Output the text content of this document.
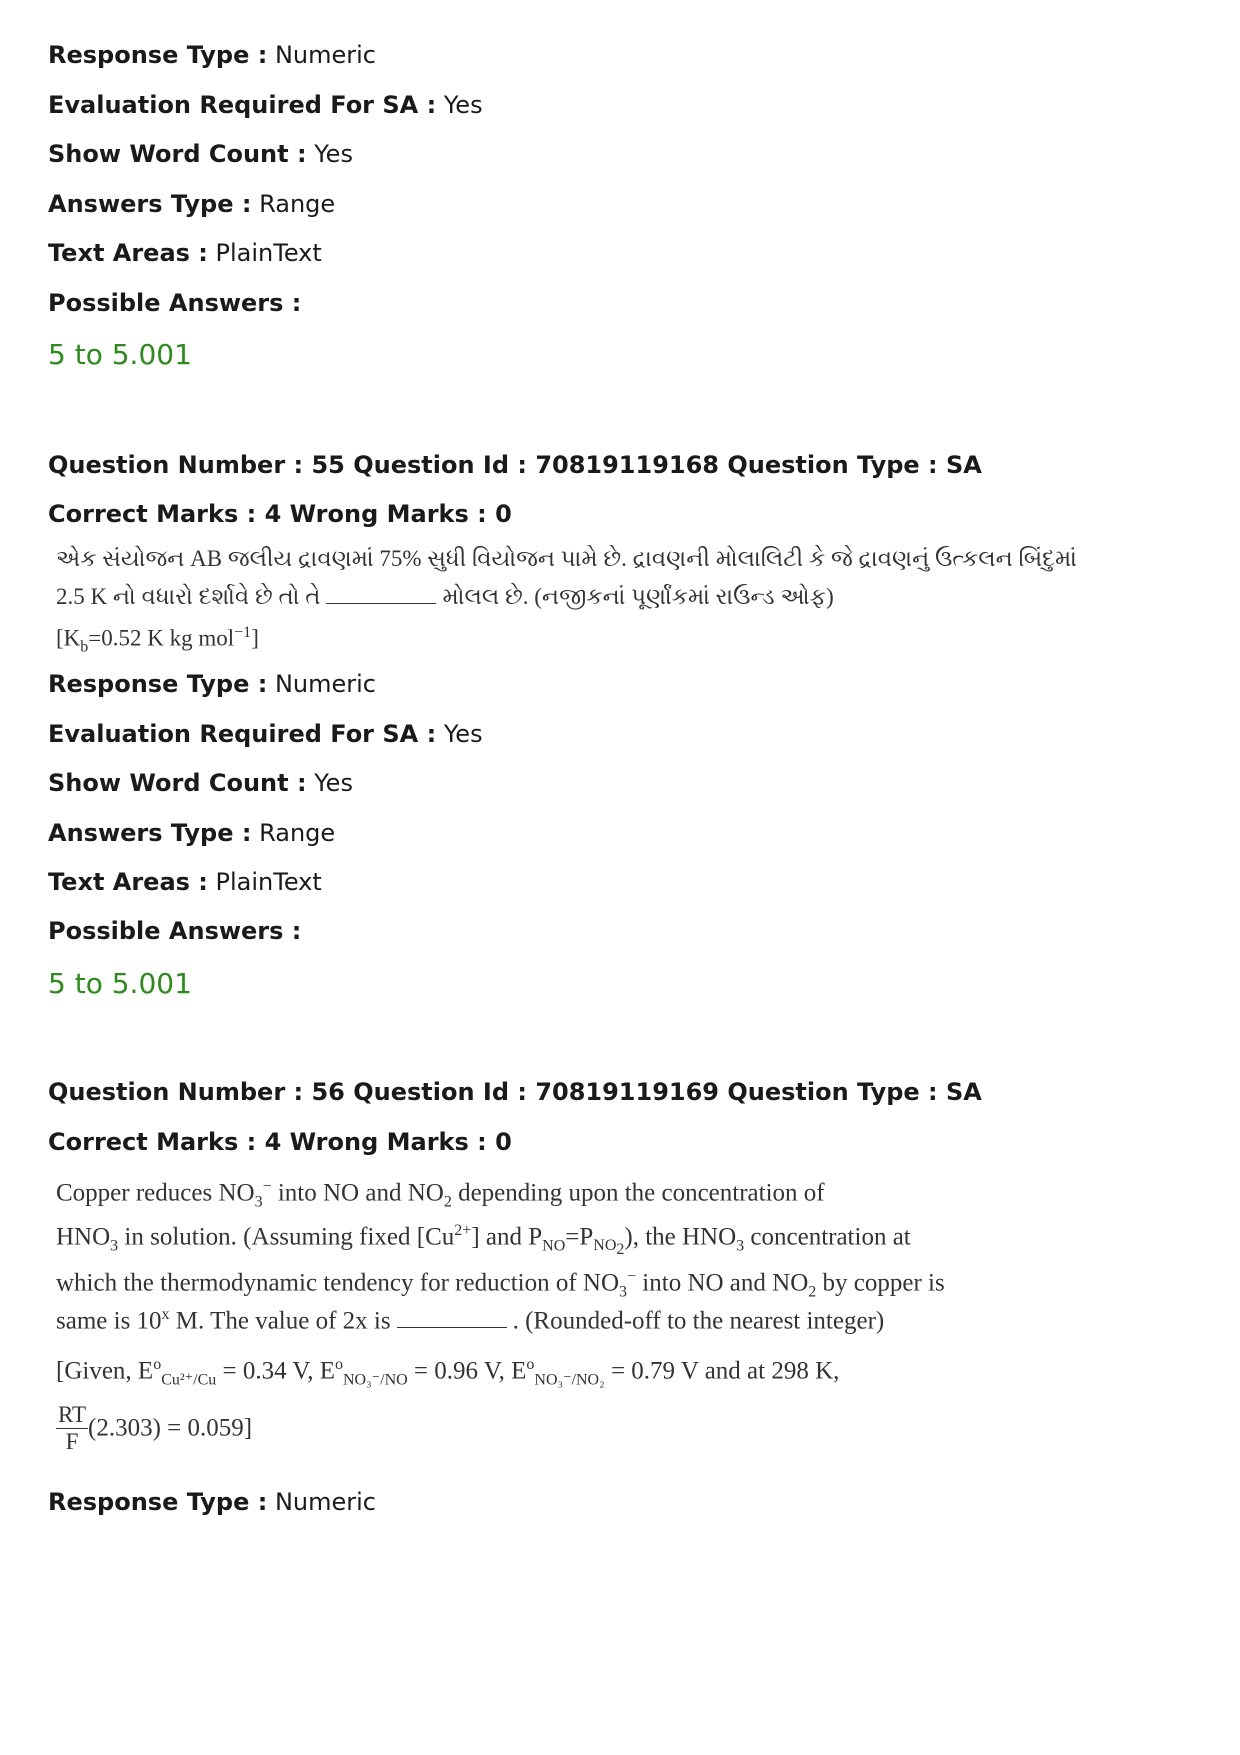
Response Type : Numeric
Evaluation Required For SA : Yes
Show Word Count : Yes
Answers Type : Range
Text Areas : PlainText
Possible Answers :
5 to 5.001
Question Number : 55 Question Id : 70819119168 Question Type : SA
Correct Marks : 4 Wrong Marks : 0
એક સંયોજન AB જલીય દ્રાવણમાં 75% સુધી વિયોજન પામે છે. દ્રાવણની મોલાલિટી કે જે દ્રાવણનું ઉત્કલન બિંદુમાં
2.5 K નો વધારો દર્શાવે છે તો તે	મોલલ છે. (નજીકનાં પૂર્ણાંકમાં રાઉન્ડ ઓફ)
[$K_b=0.52$ K kg mol$^{-1}$]
Response Type : Numeric
Evaluation Required For SA : Yes
Show Word Count : Yes
Answers Type : Range
Text Areas : PlainText
Possible Answers :
5 to 5.001
Question Number : 56 Question Id : 70819119169 Question Type : SA
Correct Marks : 4 Wrong Marks : 0
Copper reduces $NO_3^-$ into NO and $NO_2$ depending upon the concentration of
$HNO_3$ in solution. (Assuming fixed $[Cu^{2+}]$ and $P_{NO}=P_{NO_2}$), the $HNO_3$ concentration at
which the thermodynamic tendency for reduction of $NO_3^-$ into NO and $NO_2$ by copper is
same is 10$^x$ M. The value of 2x is	. (Rounded-off to the nearest integer)
[Given, $E^o_{Cu^{2+}/Cu} = 0.34$ V, $E^o_{NO_3^-/NO} = 0.96$ V, $E^o_{NO_3^-/NO_2} = 0.79$ V and at 298 K,
$\frac{RT}{F} (2.303) = 0.059$]
Response Type : Numeric
